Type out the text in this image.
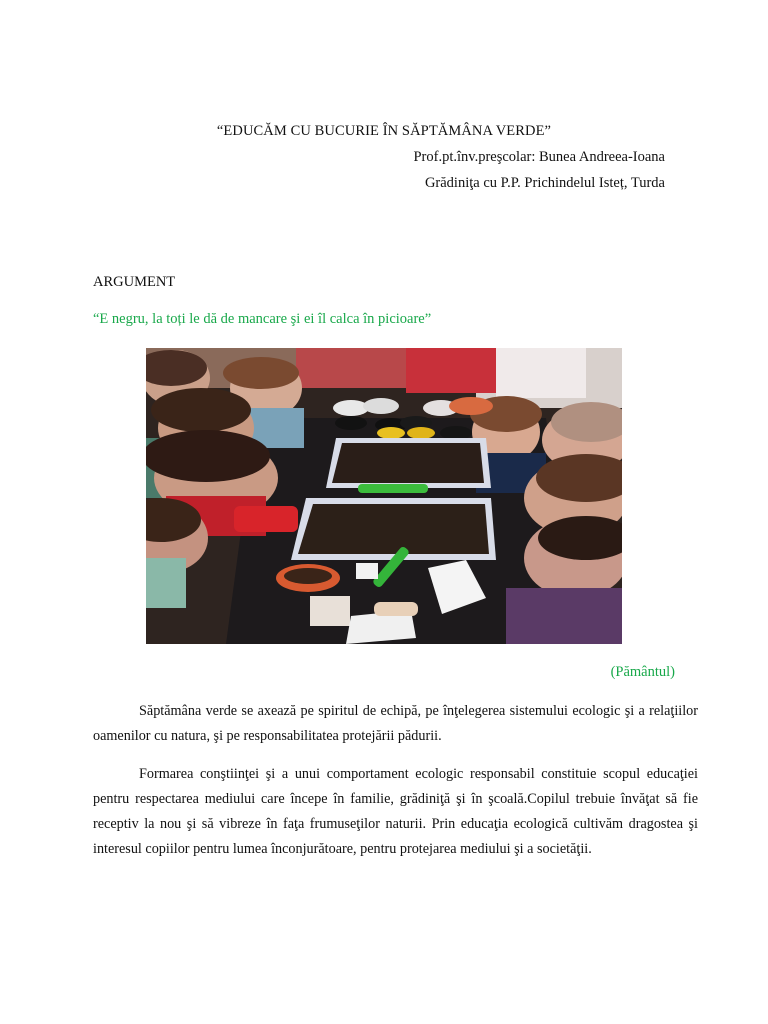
“EDUCĂM CU BUCURIE ÎN SĂPTĂMÂNA VERDE”
Prof.pt.înv.preşcolar: Bunea Andreea-Ioana
Grădiniţa cu P.P. Prichindelul Isteț, Turda
ARGUMENT
“E negru, la toți le dă de mancare şi ei îl calca în picioare”
(Pământul)

Săptămâna verde se axează pe spiritul de echipă, pe înţelegerea sistemului ecologic şi a relaţiilor oamenilor cu natura, şi pe responsabilitatea protejării pădurii.

Formarea conştiinţei şi a unui comportament ecologic responsabil constituie scopul educaţiei pentru respectarea mediului care începe în familie, grădiniţă şi în şcoală.Copilul trebuie învăţat să fie receptiv la nou şi să vibreze în faţa frumuseţilor naturii. Prin educaţia ecologică cultivăm dragostea şi interesul copiilor pentru lumea înconjurătoare, pentru protejarea mediului şi a societăţii.
